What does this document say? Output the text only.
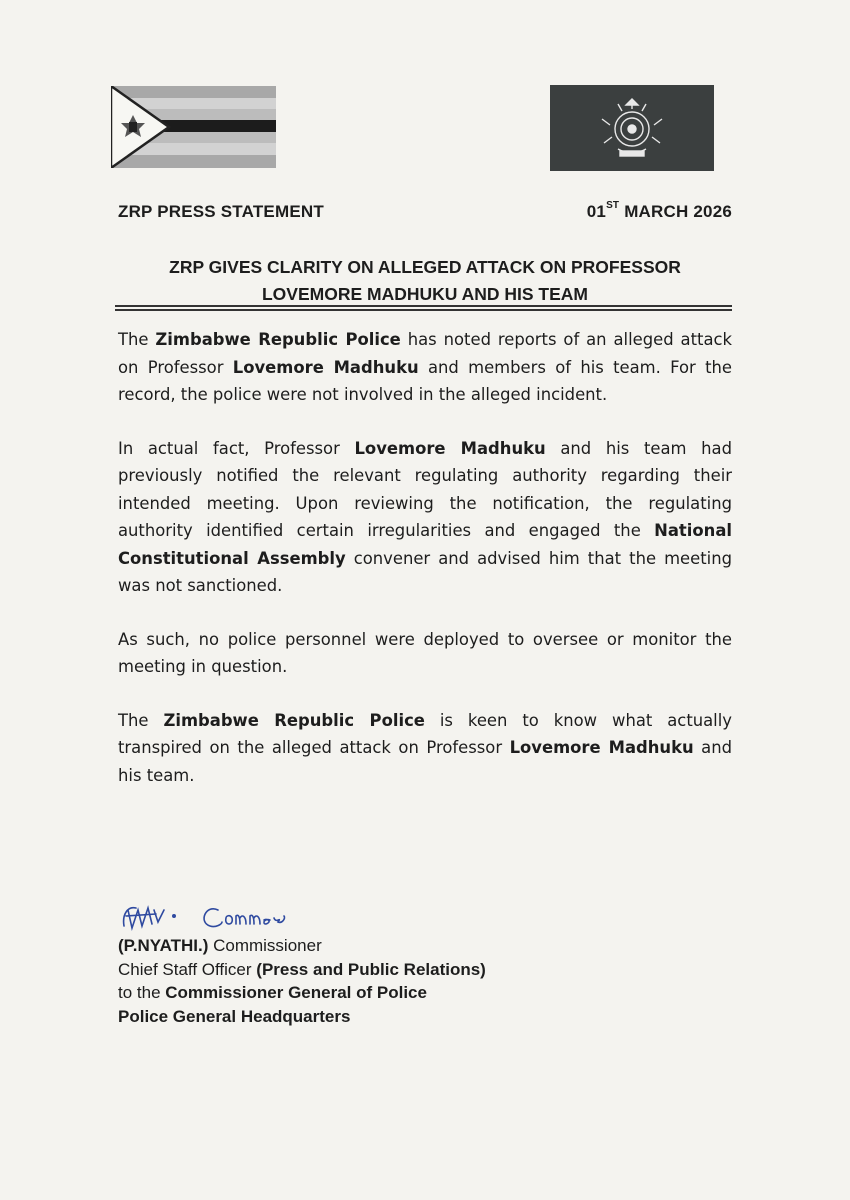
ZRP PRESS STATEMENT	01ST MARCH 2026
ZRP GIVES CLARITY ON ALLEGED ATTACK ON PROFESSOR
LOVEMORE MADHUKU AND HIS TEAM

The Zimbabwe Republic Police has noted reports of an alleged attack on Professor Lovemore Madhuku and members of his team. For the record, the police were not involved in the alleged incident.

In actual fact, Professor Lovemore Madhuku and his team had previously notified the relevant regulating authority regarding their intended meeting. Upon reviewing the notification, the regulating authority identified certain irregularities and engaged the National Constitutional Assembly convener and advised him that the meeting was not sanctioned.

As such, no police personnel were deployed to oversee or monitor the meeting in question.

The Zimbabwe Republic Police is keen to know what actually transpired on the alleged attack on Professor Lovemore Madhuku and his team.

(P.NYATHI.) Commissioner
Chief Staff Officer (Press and Public Relations)
to the Commissioner General of Police
Police General Headquarters
